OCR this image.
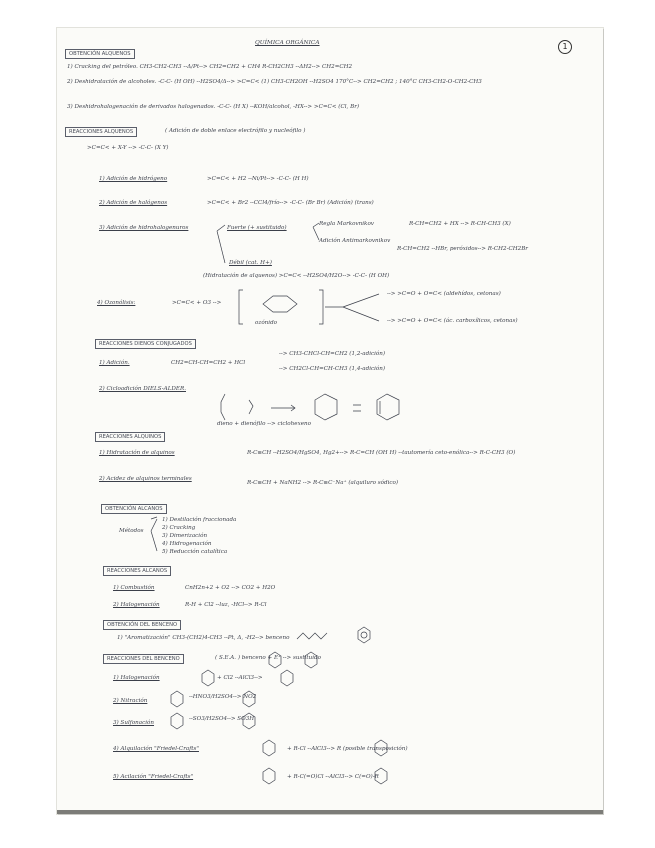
1
QUÍMICA ORGÁNICA
OBTENCIÓN ALQUENOS
1) Cracking del petróleo. CH3-CH2-CH3 --Δ/Pt--> CH2=CH2 + CH4 R-CH2CH3 --ΔH2--> CH2=CH2
2) Deshidratación de alcoholes. -C-C- (H OH) --H2SO4/Δ--> >C=C< (1) CH3-CH2OH --H2SO4 170°C--> CH2=CH2 ; 140°C CH3-CH2-O-CH2-CH3
3) Deshidrohalogenación de derivados halogenados. -C-C- (H X) --KOH/alcohol, -HX--> >C=C< (Cl, Br)
REACCIONES ALQUENOS	( Adición de doble enlace electrófilo y nucleófilo )
>C=C< + X-Y --> -C-C- (X Y)
1) Adición de hidrógeno	>C=C< + H2 --Ni/Pt--> -C-C- (H H)
2) Adición de halógenos	>C=C< + Br2 --CCl4/frío--> -C-C- (Br Br) (Adición) (trans)
3) Adición de hidrohalogenuros	Fuerte (+ sustituido)
Regla Markovnikov	R-CH=CH2 + HX --> R-CH-CH3 (X)
Adición Antimarkovnikov
R-CH=CH2 --HBr, peróxidos--> R-CH2-CH2Br
Débil (cat. H+)
(Hidratación de alquenos) >C=C< --H2SO4/H2O--> -C-C- (H OH)
4) Ozonólisis:	>C=C< + O3 -->
ozónido
--> >C=O + O=C< (aldehídos, cetonas)
--> >C=O + O=C< (ác. carboxílicos, cetonas)
REACCIONES DIENOS CONJUGADOS
1) Adición.	CH2=CH-CH=CH2 + HCl
--> CH3-CHCl-CH=CH2 (1,2-adición)
--> CH2Cl-CH=CH-CH3 (1,4-adición)
2) Cicloadición DIELS-ALDER.
dieno + dienófilo --> ciclohexeno
REACCIONES ALQUINOS
1) Hidratación de alquinos	R-C≡CH --H2SO4/HgSO4, Hg2+--> R-C=CH (OH H) --tautomería ceto-enólica--> R-C-CH3 (O)
2) Acidez de alquinos terminales
R-C≡CH + NaNH2 --> R-C≡C⁻Na⁺ (alquiluro sódico)
OBTENCIÓN ALCANOS
Métodos
1) Destilación fraccionada
2) Cracking
3) Dimerización
4) Hidrogenación
5) Reducción catalítica
REACCIONES ALCANOS
1) Combustión	CnH2n+2 + O2 --> CO2 + H2O
2) Halogenación	R-H + Cl2 --luz, -HCl--> R-Cl
OBTENCIÓN DEL BENCENO
1) "Aromatización" CH3-(CH2)4-CH3 --Pt, Δ, -H2--> benceno
REACCIONES DEL BENCENO	( S.E.A. ) benceno + E⁺ --> sustituido
1) Halogenación	+ Cl2 --AlCl3-->
2) Nitración
--HNO3/H2SO4--> NO2
3) Sulfonación
--SO3/H2SO4--> SO3H
4) Alquilación "Friedel-Crafts"	+ R-Cl --AlCl3--> R (posible transposición)
5) Acilación "Friedel-Crafts"	+ R-C(=O)Cl --AlCl3--> C(=O)-R
